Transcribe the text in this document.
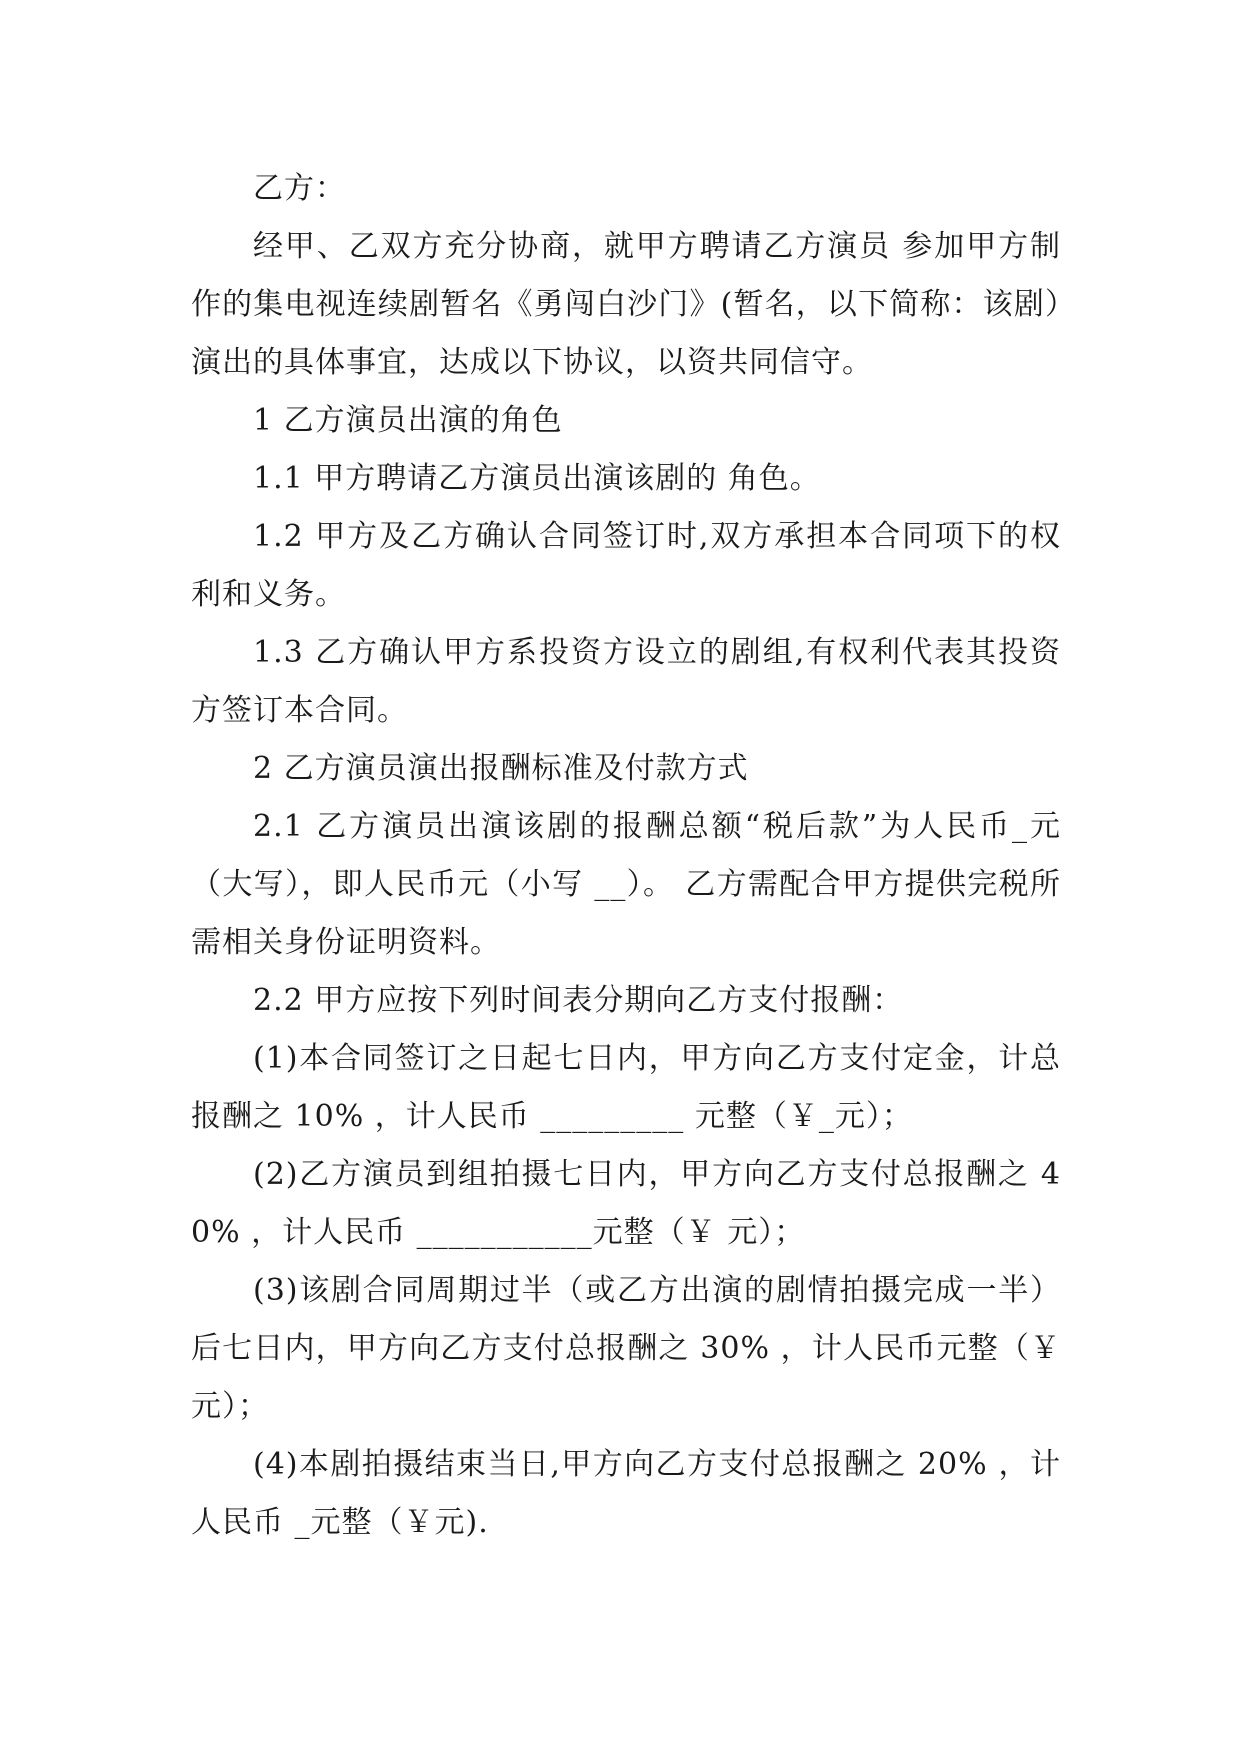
乙方：

经甲、乙双方充分协商，就甲方聘请乙方演员 参加甲方制作的集电视连续剧暂名《勇闯白沙门》(暂名，以下简称：该剧）演出的具体事宜，达成以下协议，以资共同信守。

1 乙方演员出演的角色

1.1 甲方聘请乙方演员出演该剧的 角色。

1.2 甲方及乙方确认合同签订时,双方承担本合同项下的权利和义务。

1.3 乙方确认甲方系投资方设立的剧组,有权利代表其投资方签订本合同。

2 乙方演员演出报酬标准及付款方式

2.1 乙方演员出演该剧的报酬总额“税后款”为人民币_元（大写），即人民币元（小写 __）。 乙方需配合甲方提供完税所需相关身份证明资料。

2.2 甲方应按下列时间表分期向乙方支付报酬：

(1)本合同签订之日起七日内，甲方向乙方支付定金，计总报酬之 10% ，计人民币 _________ 元整（￥_元）；

(2)乙方演员到组拍摄七日内，甲方向乙方支付总报酬之 40% ，计人民币 ___________元整（￥ 元）；

(3)该剧合同周期过半（或乙方出演的剧情拍摄完成一半）后七日内，甲方向乙方支付总报酬之 30% ，计人民币元整（￥ 元）；

(4)本剧拍摄结束当日,甲方向乙方支付总报酬之 20% ，计人民币 _元整（￥元).
